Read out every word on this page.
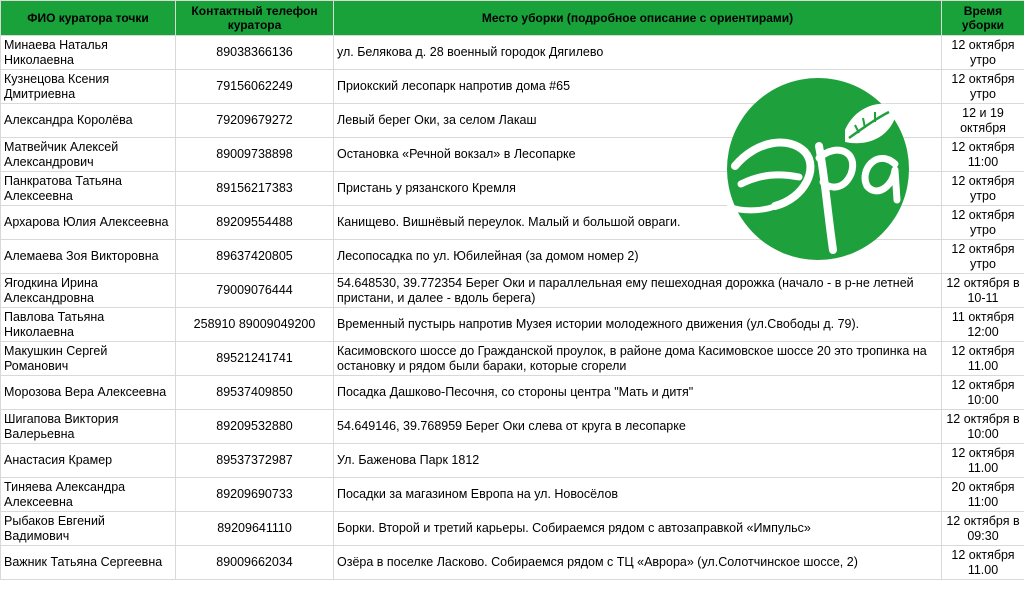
ФИО куратора точки	Контактный телефон куратора	Место уборки (подробное описание с ориентирами)	Время уборки
Минаева Наталья Николаевна	89038366136	ул. Белякова д. 28 военный городок Дягилево	12 октября утро
Кузнецова Ксения Дмитриевна	79156062249	Приокский лесопарк напротив дома #65	12 октября утро
Александра Королёва	79209679272	Левый берег Оки, за селом Лакаш	12 и 19 октября
Матвейчик Алексей Александрович	89009738898	Остановка «Речной вокзал» в Лесопарке	12 октября 11:00
Панкратова Татьяна Алексеевна	89156217383	Пристань у рязанского Кремля	12 октября утро
Архарова Юлия Алексеевна	89209554488	Канищево. Вишнёвый переулок. Малый и большой овраги.	12 октября утро
Алемаева Зоя Викторовна	89637420805	Лесопосадка по ул. Юбилейная (за домом номер 2)	12 октября утро
Ягодкина Ирина Александровна	79009076444	54.648530, 39.772354 Берег Оки и параллельная ему пешеходная дорожка (начало - в р-не летней пристани, и далее - вдоль берега)	12 октября в 10-11
Павлова Татьяна Николаевна	258910 89009049200	Временный пустырь напротив Музея истории молодежного движения (ул.Свободы д. 79).	11 октября 12:00
Макушкин Сергей Романович	89521241741	Касимовского шоссе до Гражданской проулок, в районе дома Касимовское шоссе 20 это тропинка на остановку и рядом были бараки, которые сгорели	12 октября 11.00
Морозова Вера Алексеевна	89537409850	Посадка Дашково-Песочня, со стороны центра "Мать и дитя"	12 октября 10:00
Шигапова Виктория Валерьевна	89209532880	54.649146, 39.768959 Берег Оки слева от круга в лесопарке	12 октября в 10:00
Анастасия Крамер	89537372987	Ул. Баженова Парк 1812	12 октября 11.00
Тиняева Александра Алексеевна	89209690733	Посадки за магазином Европа на ул. Новосёлов	20 октября 11:00
Рыбаков Евгений Вадимович	89209641110	Борки. Второй и третий карьеры. Собираемся рядом с автозаправкой «Импульс»	12 октября в 09:30
Важник Татьяна Сергеевна	89009662034	Озёра в поселке Ласково. Собираемся рядом с ТЦ «Аврора» (ул.Солотчинское шоссе, 2)	12 октября 11.00
